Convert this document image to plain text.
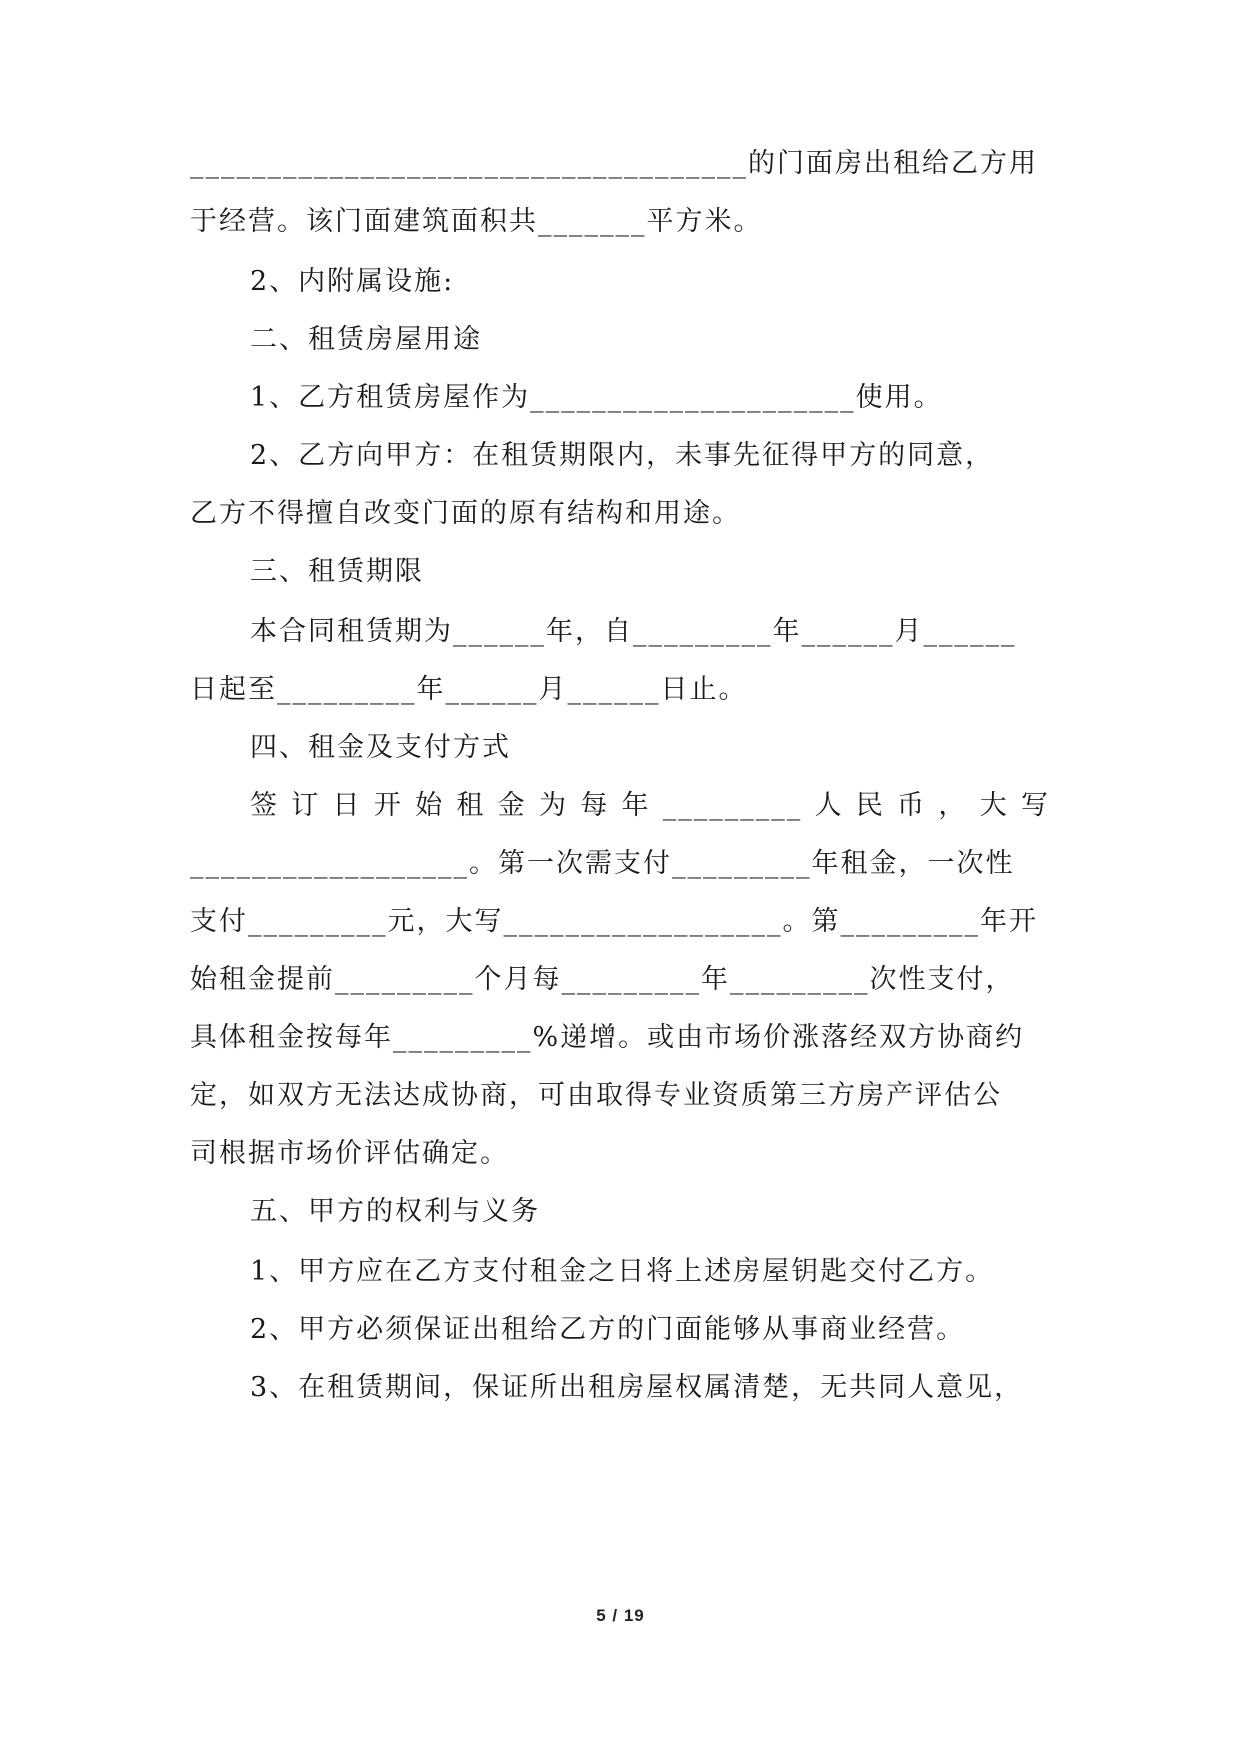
____________________________________的门面房出租给乙方用
于经营。该门面建筑面积共_______平方米。
2、内附属设施:
二、租赁房屋用途
1、乙方租赁房屋作为_____________________使用。
2、乙方向甲方：在租赁期限内，未事先征得甲方的同意，
乙方不得擅自改变门面的原有结构和用途。
三、租赁期限
本合同租赁期为______年，自_________年______月______
日起至_________年______月______日止。
四、租金及支付方式
签订日开始租金为每年_________人民币，大写
__________________。第一次需支付_________年租金，一次性
支付_________元，大写__________________。第_________年开
始租金提前_________个月每_________年_________次性支付，
具体租金按每年_________%递增。或由市场价涨落经双方协商约
定，如双方无法达成协商，可由取得专业资质第三方房产评估公
司根据市场价评估确定。
五、甲方的权利与义务
1、甲方应在乙方支付租金之日将上述房屋钥匙交付乙方。
2、甲方必须保证出租给乙方的门面能够从事商业经营。
3、在租赁期间，保证所出租房屋权属清楚，无共同人意见，
5 / 19
